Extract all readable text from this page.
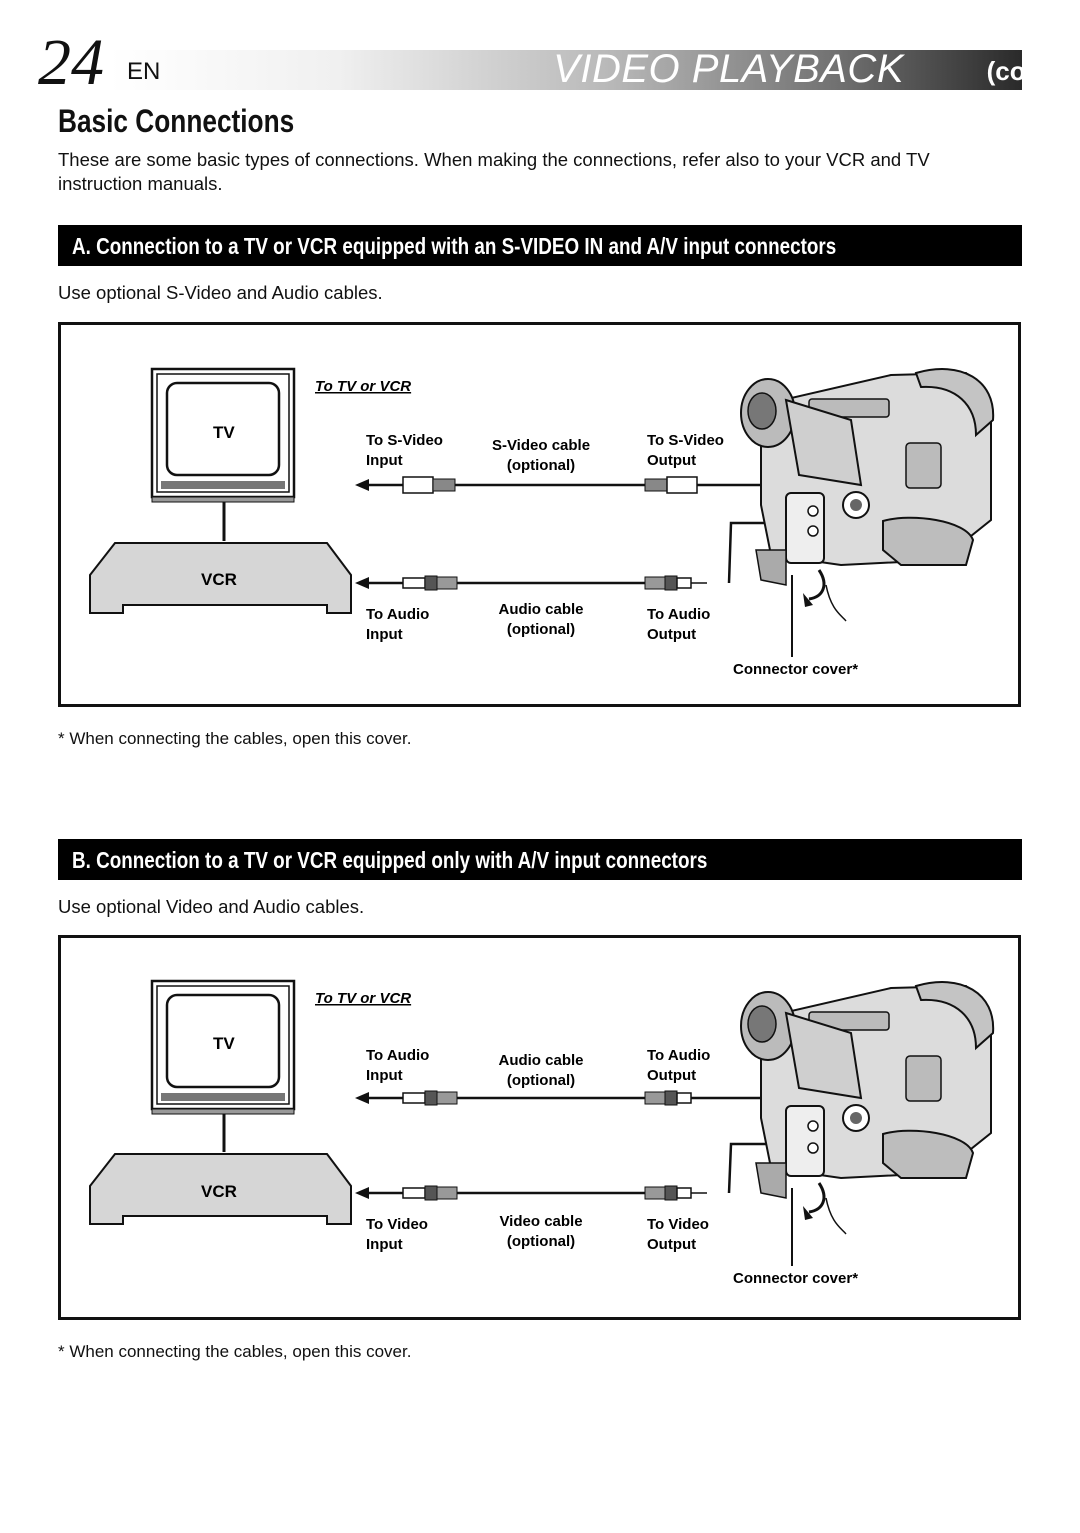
24 EN	VIDEO PLAYBACK	(cont.)
Basic Connections
These are some basic types of connections. When making the connections, refer also to your VCR and TV instruction manuals.
A. Connection to a TV or VCR equipped with an S-VIDEO IN and A/V input connectors
Use optional S-Video and Audio cables.
TV
VCR
To TV or VCR
To S-Video
Input
S-Video cable
(optional)
To S-Video
Output
To Audio
Input
Audio cable
(optional)
To Audio
Output
Connector cover*
* When connecting the cables, open this cover.
B. Connection to a TV or VCR equipped only with A/V input connectors
Use optional Video and Audio cables.
TV
VCR
To TV or VCR
To Audio
Input
Audio cable
(optional)
To Audio
Output
To Video
Input
Video cable
(optional)
To Video
Output
Connector cover*
* When connecting the cables, open this cover.
